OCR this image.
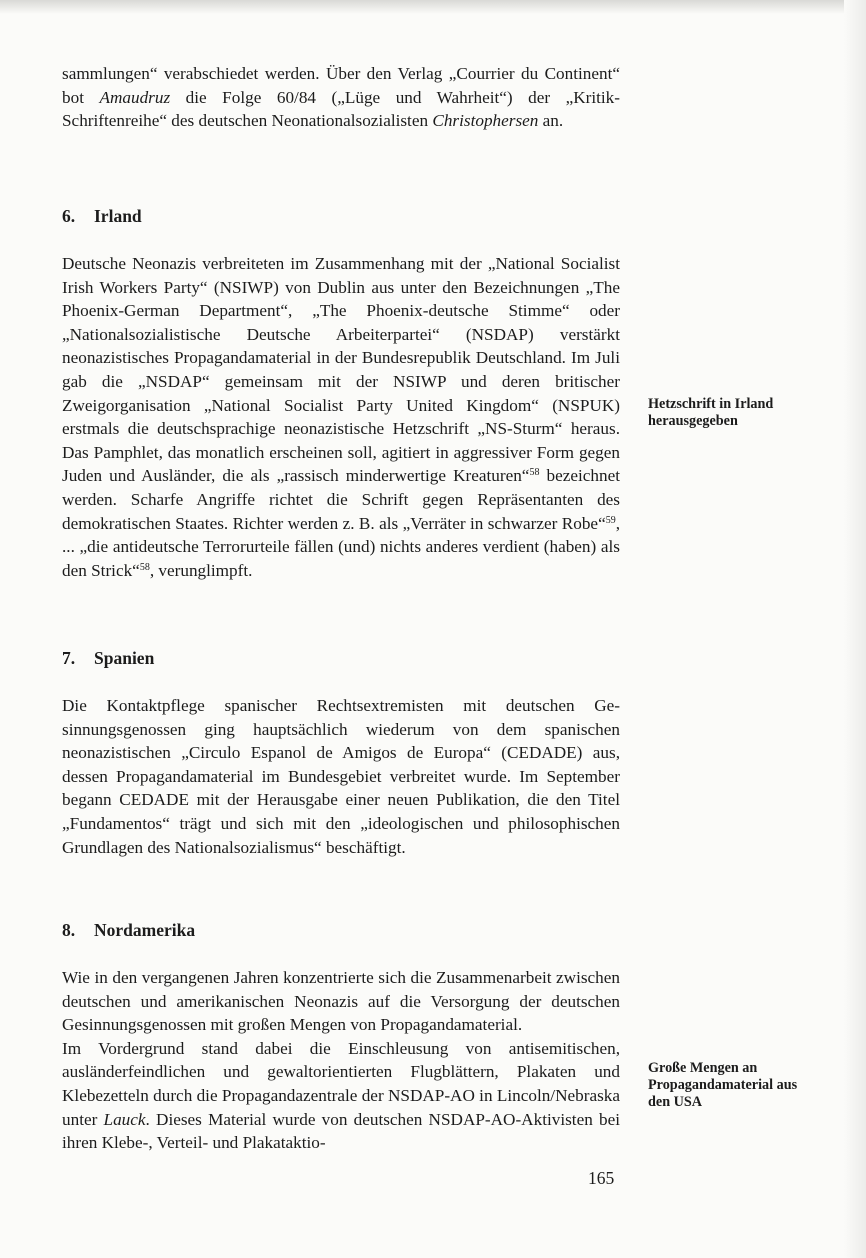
sammlungen“ verabschiedet werden. Über den Verlag „Courrier du Continent“ bot Amaudruz die Folge 60/84 („Lüge und Wahrheit“) der „Kritik-Schriftenreihe“ des deutschen Neonationalsozialisten Christophersen an.

6. Irland

Deutsche Neonazis verbreiteten im Zusammenhang mit der „National Socialist Irish Workers Party“ (NSIWP) von Dublin aus unter den Bezeichnungen „The Phoenix-German Department“, „The Phoenix-deutsche Stimme“ oder „Nationalsozialistische Deutsche Arbeiterpartei“ (NSDAP) verstärkt neonazistisches Propagandamaterial in der Bundesrepublik Deutschland. Im Juli gab die „NSDAP“ gemeinsam mit der NSIWP und deren britischer Zweigorganisation „National Socialist Party United Kingdom“ (NSPUK) erstmals die deutschsprachige neonazistische Hetzschrift „NS-Sturm“ heraus. Das Pamphlet, das monatlich erscheinen soll, agitiert in aggressiver Form gegen Juden und Ausländer, die als „rassisch minderwertige Kreaturen“$^{58}$ bezeichnet werden. Scharfe Angriffe richtet die Schrift gegen Repräsentanten des demokratischen Staates. Richter werden z. B. als „Verräter in schwarzer Robe“$^{59}$, ... „die antideutsche Terrorurteile fällen (und) nichts anderes verdient (haben) als den Strick“$^{58}$, verunglimpft.

Hetzschrift in Irland herausgegeben
7. Spanien

Die Kontaktpflege spanischer Rechtsextremisten mit deutschen Gesinnungsgenossen ging hauptsächlich wiederum von dem spanischen neonazistischen „Circulo Espanol de Amigos de Europa“ (CEDADE) aus, dessen Propagandamaterial im Bundesgebiet verbreitet wurde. Im September begann CEDADE mit der Herausgabe einer neuen Publikation, die den Titel „Fundamentos“ trägt und sich mit den „ideologischen und philosophischen Grundlagen des Nationalsozialismus“ beschäftigt.

8. Nordamerika

Wie in den vergangenen Jahren konzentrierte sich die Zusammenarbeit zwischen deutschen und amerikanischen Neonazis auf die Versorgung der deutschen Gesinnungsgenossen mit großen Mengen von Propagandamaterial.

Im Vordergrund stand dabei die Einschleusung von antisemitischen, ausländerfeindlichen und gewaltorientierten Flugblättern, Plakaten und Klebezetteln durch die Propagandazentrale der NSDAP-AO in Lincoln/Nebraska unter Lauck. Dieses Material wurde von deutschen NSDAP-AO-Aktivisten bei ihren Klebe-, Verteil- und Plakataktio-

Große Mengen an Propagandamaterial aus den USA
165
